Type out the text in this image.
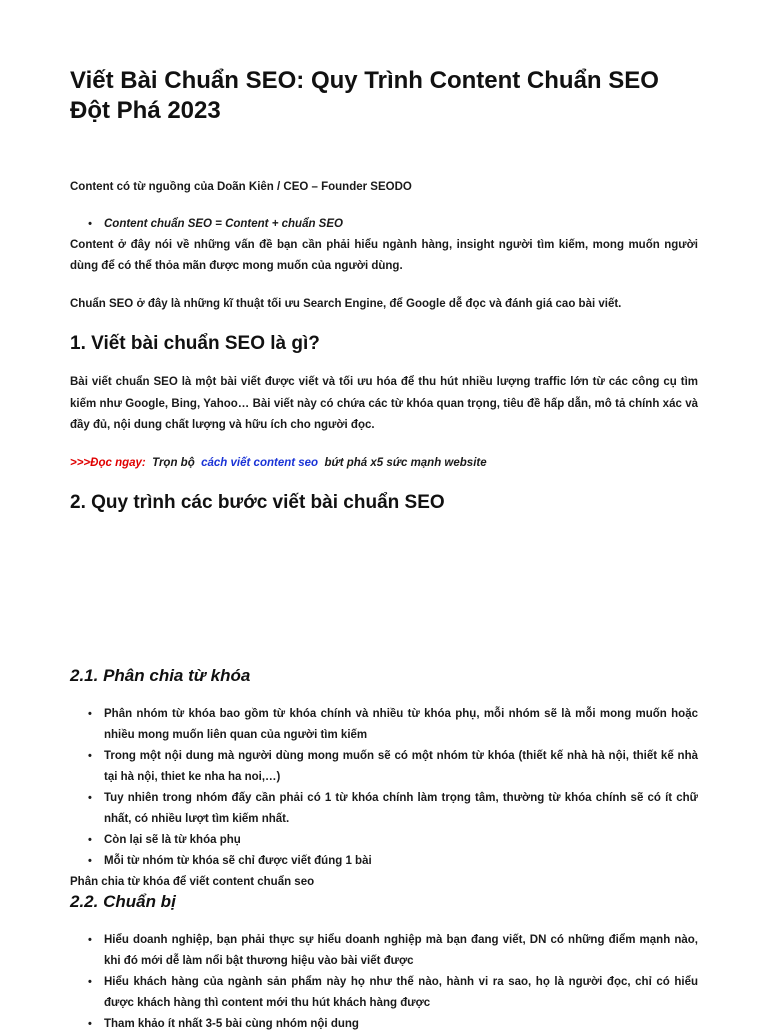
Viết Bài Chuẩn SEO: Quy Trình Content Chuẩn SEO Đột Phá 2023
Content có từ nguồng của Doãn Kiên / CEO – Founder SEODO
• Content chuẩn SEO = Content + chuẩn SEO

Content ở đây nói về những vấn đề bạn cần phải hiểu ngành hàng, insight người tìm kiếm, mong muốn người dùng để có thể thỏa mãn được mong muốn của người dùng.

Chuẩn SEO ở đây là những kĩ thuật tối ưu Search Engine, để Google dễ đọc và đánh giá cao bài viết.

1. Viết bài chuẩn SEO là gì?

Bài viết chuẩn SEO là một bài viết được viết và tối ưu hóa để thu hút nhiều lượng traffic lớn từ các công cụ tìm kiếm như Google, Bing, Yahoo… Bài viết này có chứa các từ khóa quan trọng, tiêu đề hấp dẫn, mô tả chính xác và đầy đủ, nội dung chất lượng và hữu ích cho người đọc.

>>>Đọc ngay: Trọn bộ cách viết content seo bứt phá x5 sức mạnh website
2. Quy trình các bước viết bài chuẩn SEO
2.1. Phân chia từ khóa
• Phân nhóm từ khóa bao gồm từ khóa chính và nhiều từ khóa phụ, mỗi nhóm sẽ là mỗi mong muốn hoặc nhiều mong muốn liên quan của người tìm kiếm
• Trong một nội dung mà người dùng mong muốn sẽ có một nhóm từ khóa (thiết kế nhà hà nội, thiết kế nhà tại hà nội, thiet ke nha ha noi,…)
• Tuy nhiên trong nhóm đấy cần phải có 1 từ khóa chính làm trọng tâm, thường từ khóa chính sẽ có ít chữ nhất, có nhiều lượt tìm kiếm nhất.
• Còn lại sẽ là từ khóa phụ
• Mỗi từ nhóm từ khóa sẽ chỉ được viết đúng 1 bài
Phân chia từ khóa để viết content chuẩn seo
2.2. Chuẩn bị
• Hiểu doanh nghiệp, bạn phải thực sự hiểu doanh nghiệp mà bạn đang viết, DN có những điểm mạnh nào, khi đó mới dễ làm nổi bật thương hiệu vào bài viết được
• Hiểu khách hàng của ngành sản phẩm này họ như thế nào, hành vi ra sao, họ là người đọc, chỉ có hiểu được khách hàng thì content mới thu hút khách hàng được
• Tham khảo ít nhất 3-5 bài cùng nhóm nội dung
